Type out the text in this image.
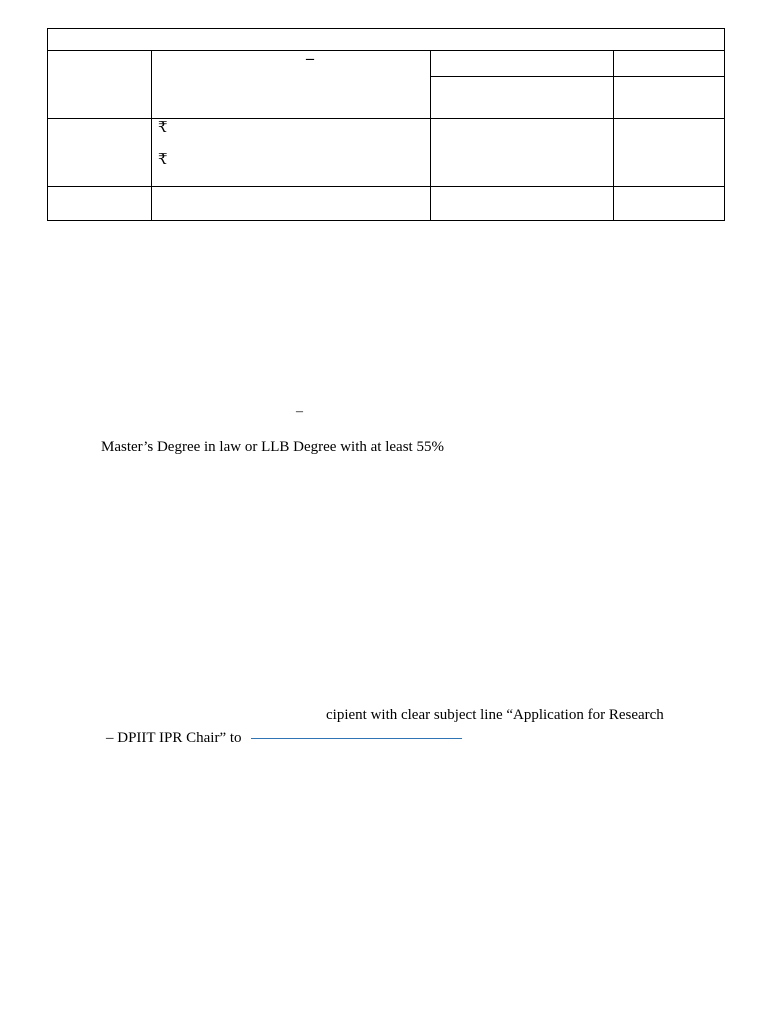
	–		

	₹
₹		

–
Master’s Degree in law or LLB Degree with at least 55%
cipient with clear subject line “Application for Research
– DPIIT IPR Chair” to
